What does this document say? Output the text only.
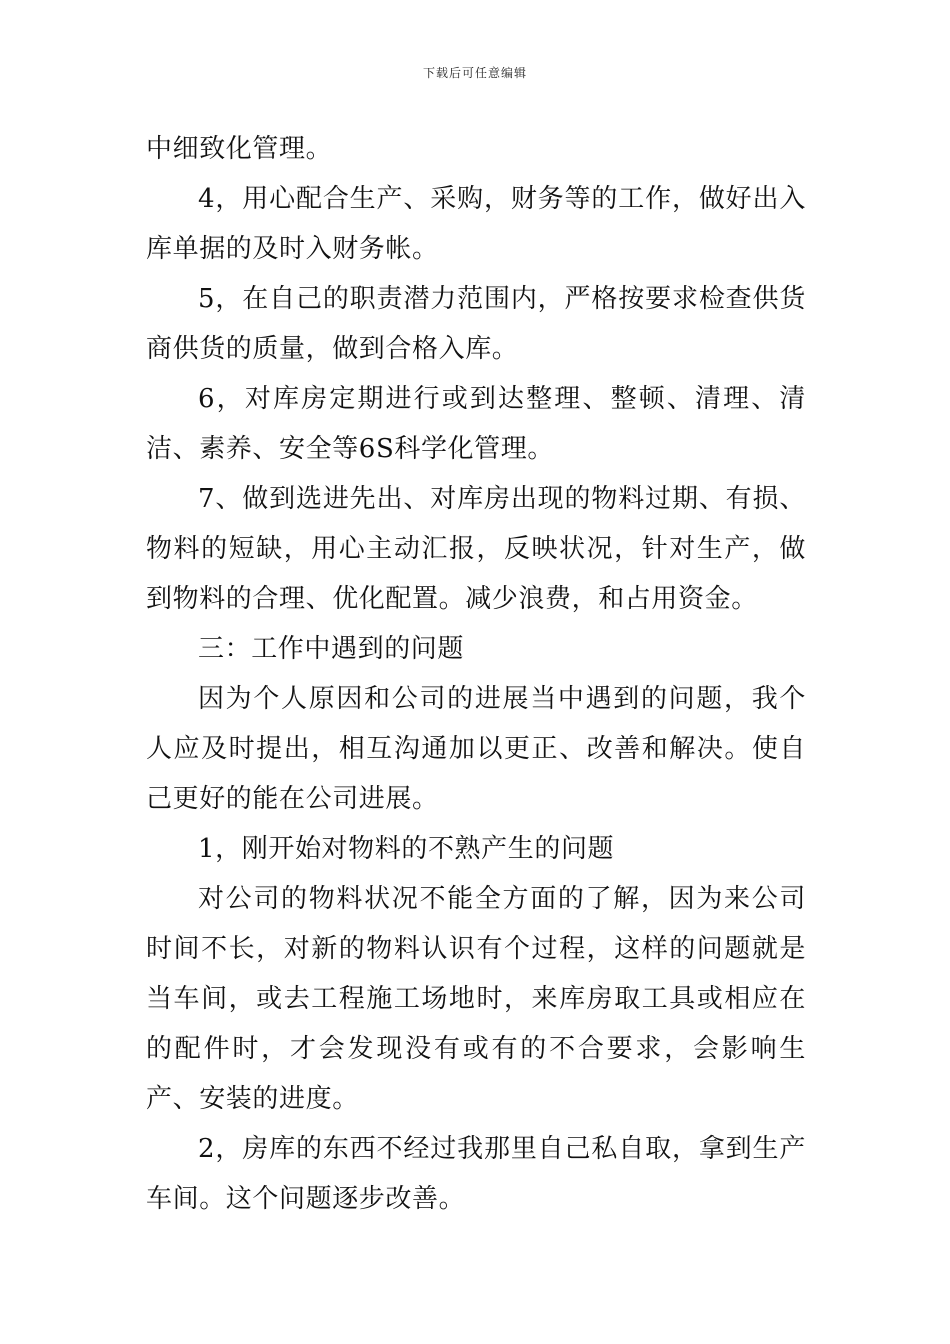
下载后可任意编辑

中细致化管理。

4，用心配合生产、采购，财务等的工作，做好出入库单据的及时入财务帐。

5，在自己的职责潜力范围内，严格按要求检查供货商供货的质量，做到合格入库。

6，对库房定期进行或到达整理、整顿、清理、清洁、素养、安全等6S科学化管理。

7、做到选进先出、对库房出现的物料过期、有损、物料的短缺，用心主动汇报，反映状况，针对生产，做到物料的合理、优化配置。减少浪费，和占用资金。

三：工作中遇到的问题

因为个人原因和公司的进展当中遇到的问题，我个人应及时提出，相互沟通加以更正、改善和解决。使自己更好的能在公司进展。

1，刚开始对物料的不熟产生的问题

对公司的物料状况不能全方面的了解，因为来公司时间不长，对新的物料认识有个过程，这样的问题就是当车间，或去工程施工场地时，来库房取工具或相应在的配件时，才会发现没有或有的不合要求，会影响生产、安装的进度。

2，房库的东西不经过我那里自己私自取，拿到生产车间。这个问题逐步改善。
